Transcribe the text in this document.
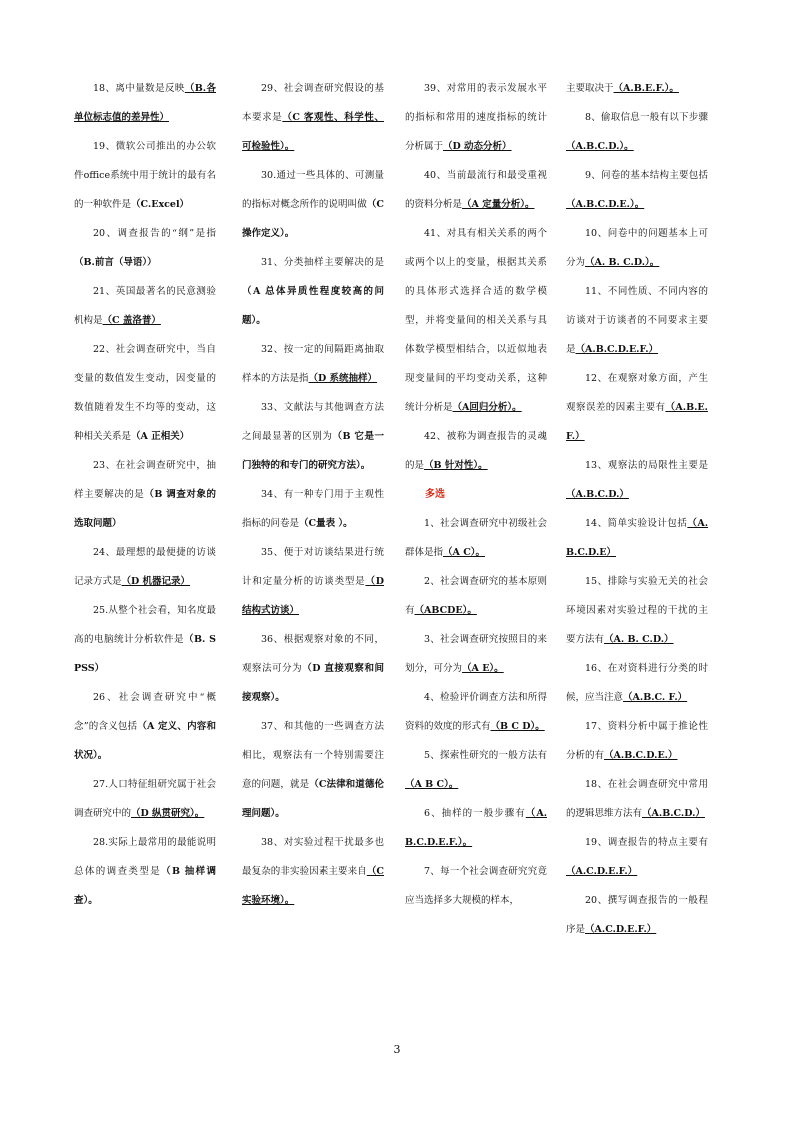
18、离中量数是反映（B.各单位标志值的差异性）

19、微软公司推出的办公软件office系统中用于统计的最有名的一种软件是（C.Excel）

20、调查报告的“纲”是指（B.前言（导语））

21、英国最著名的民意测验机构是（C 盖洛普）

22、社会调查研究中，当自变量的数值发生变动，因变量的数值随着发生不均等的变动，这种相关关系是（A 正相关）

23、在社会调查研究中，抽样主要解决的是（B 调查对象的选取问题）

24、最理想的最便捷的访谈记录方式是（D 机器记录）

25.从整个社会看，知名度最高的电脑统计分析软件是（B. SPSS）

26、社会调查研究中“概念”的含义包括（A 定义、内容和状况）。

27.人口特征组研究属于社会调查研究中的（D 纵贯研究）。

28.实际上最常用的最能说明总体的调查类型是（B 抽样调查）。

29、社会调查研究假设的基本要求是（C 客观性、科学性、可检验性）。

30.通过一些具体的、可测量的指标对概念所作的说明叫做（C 操作定义）。

31、分类抽样主要解决的是（A 总体异质性程度较高的问题）。

32、按一定的间隔距离抽取样本的方法是指（D 系统抽样）

33、文献法与其他调查方法之间最显著的区别为（B 它是一门独特的和专门的研究方法）。

34、有一种专门用于主观性指标的问卷是（C量表 ）。

35、便于对访谈结果进行统计和定量分析的访谈类型是（D 结构式访谈）

36、根据观察对象的不同，观察法可分为（D 直接观察和间接观察）。

37、和其他的一些调查方法相比，观察法有一个特别需要注意的问题，就是（C法律和道德伦理问题）。

38、对实验过程干扰最多也最复杂的非实验因素主要来自（C 实验环境）。

39、对常用的表示发展水平的指标和常用的速度指标的统计分析属于（D 动态分析）

40、当前最流行和最受重视的资料分析是（A 定量分析）。

41、对具有相关关系的两个或两个以上的变量，根据其关系的具体形式选择合适的数学模型，并将变量间的相关关系与具体数学模型相结合，以近似地表现变量间的平均变动关系，这种统计分析是（A回归分析）。

42、被称为调查报告的灵魂的是（B 针对性）。

多选

1、社会调查研究中初级社会群体是指（A C）。

2、社会调查研究的基本原则有（ABCDE）。

3、社会调查研究按照目的来划分，可分为（A E）。

4、检验评价调查方法和所得资料的效度的形式有（B C D）。

5、探索性研究的一般方法有（A B C）。

6、抽样的一般步骤有（A.B.C.D.E.F.）。

7、每一个社会调查研究究竟应当选择多大规模的样本，

主要取决于（A.B.E.F.）。

8、偷取信息一般有以下步骤（A.B.C.D.）。

9、问卷的基本结构主要包括（A.B.C.D.E.）。

10、问卷中的问题基本上可分为（A. B. C.D.）。

11、不同性质、不同内容的访谈对于访谈者的不同要求主要是（A.B.C.D.E.F.）

12、在观察对象方面，产生观察误差的因素主要有（A.B.E.F.）

13、观察法的局限性主要是（A.B.C.D.）

14、简单实验设计包括（A.B.C.D.E）

15、排除与实验无关的社会环境因素对实验过程的干扰的主要方法有（A. B. C.D.）

16、在对资料进行分类的时候，应当注意（A.B.C. F.）

17、资料分析中属于推论性分析的有（A.B.C.D.E.）

18、在社会调查研究中常用的逻辑思维方法有（A.B.C.D.）

19、调查报告的特点主要有（A.C.D.E.F.）

20、撰写调查报告的一般程序是（A.C.D.E.F.）

3
